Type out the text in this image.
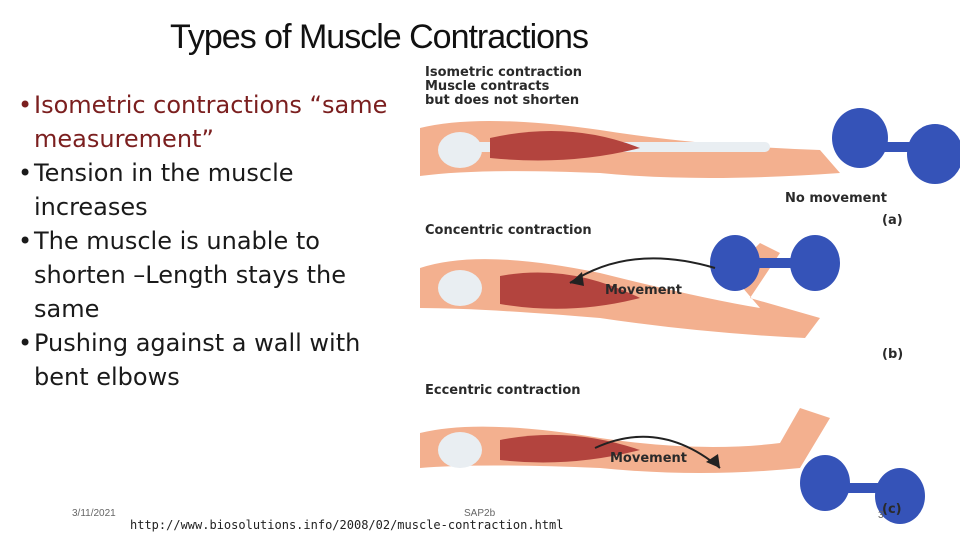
Types of Muscle Contractions
• Isometric contractions “same measurement”
• Tension in the muscle increases
• The muscle is unable to shorten –Length stays the same
• Pushing against a wall with bent elbows
Isometric contraction
Muscle contracts
but does not shorten
No movement
(a)
Concentric contraction
Movement
(b)
Eccentric contraction
Movement
(c)
3/11/2021	SAP2b	3
http://www.biosolutions.info/2008/02/muscle-contraction.html
